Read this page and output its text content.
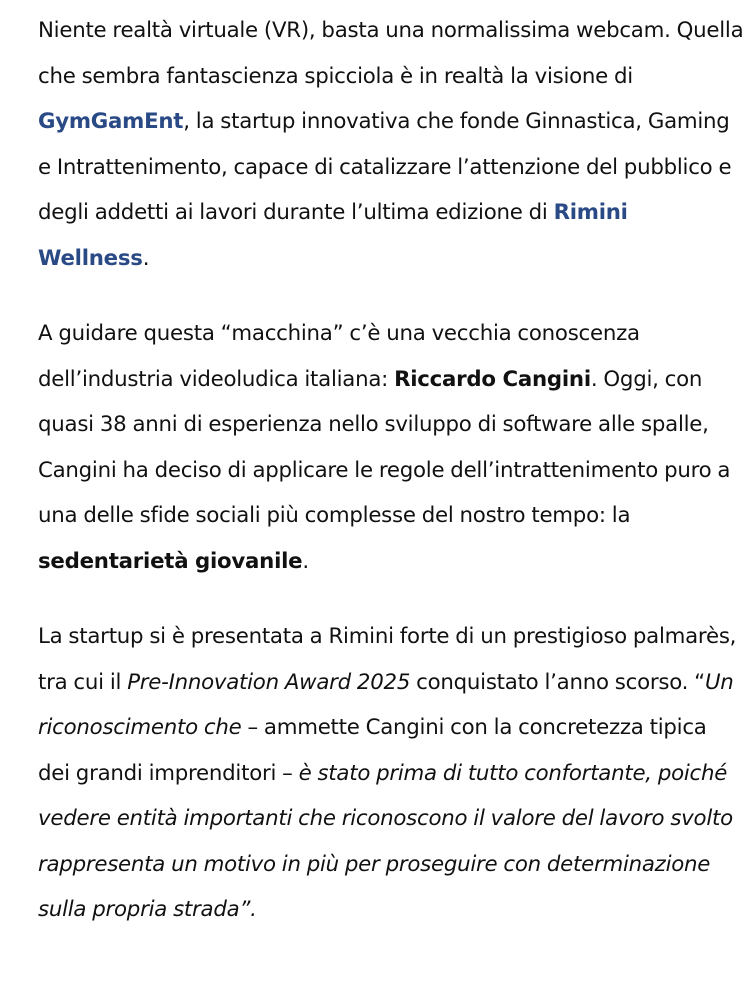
Niente realtà virtuale (VR), basta una normalissima webcam. Quella che sembra fantascienza spicciola è in realtà la visione di GymGamEnt, la startup innovativa che fonde Ginnastica, Gaming e Intrattenimento, capace di catalizzare l’attenzione del pubblico e degli addetti ai lavori durante l’ultima edizione di Rimini Wellness.

A guidare questa “macchina” c’è una vecchia conoscenza dell’industria videoludica italiana: Riccardo Cangini. Oggi, con quasi 38 anni di esperienza nello sviluppo di software alle spalle, Cangini ha deciso di applicare le regole dell’intrattenimento puro a una delle sfide sociali più complesse del nostro tempo: la sedentarietà giovanile.

La startup si è presentata a Rimini forte di un prestigioso palmarès, tra cui il Pre-Innovation Award 2025 conquistato l’anno scorso. “Un riconoscimento che – ammette Cangini con la concretezza tipica dei grandi imprenditori – è stato prima di tutto confortante, poiché vedere entità importanti che riconoscono il valore del lavoro svolto rappresenta un motivo in più per proseguire con determinazione sulla propria strada”.
